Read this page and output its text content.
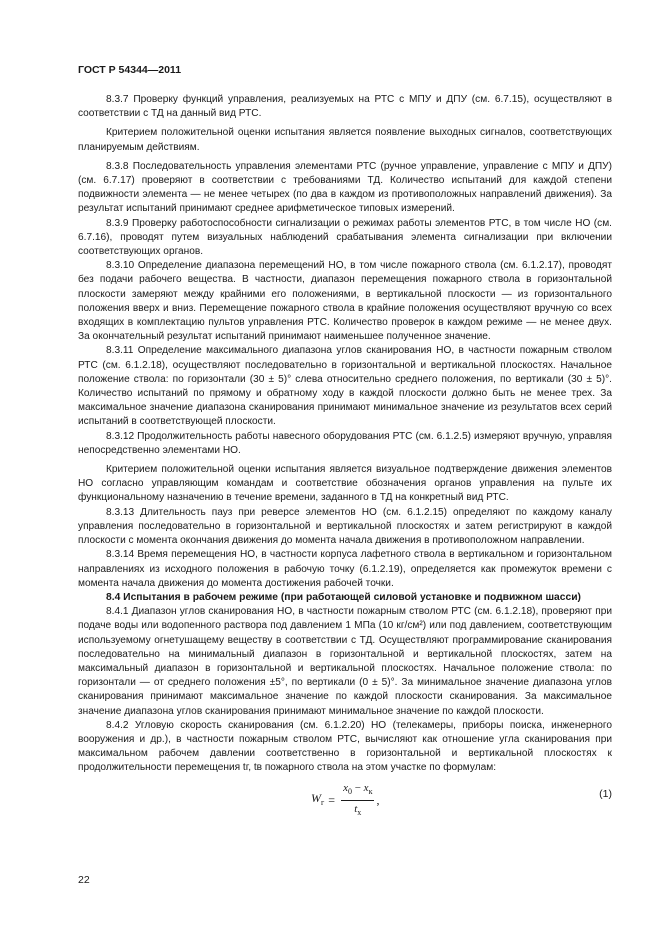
ГОСТ Р 54344—2011

8.3.7 Проверку функций управления, реализуемых на РТС с МПУ и ДПУ (см. 6.7.15), осуществляют в соответствии с ТД на данный вид РТС.

Критерием положительной оценки испытания является появление выходных сигналов, соответствующих планируемым действиям.

8.3.8 Последовательность управления элементами РТС (ручное управление, управление с МПУ и ДПУ) (см. 6.7.17) проверяют в соответствии с требованиями ТД. Количество испытаний для каждой степени подвижности элемента — не менее четырех (по два в каждом из противоположных направлений движения). За результат испытаний принимают среднее арифметическое типовых измерений.

8.3.9 Проверку работоспособности сигнализации о режимах работы элементов РТС, в том числе НО (см. 6.7.16), проводят путем визуальных наблюдений срабатывания элемента сигнализации при включении соответствующих органов.

8.3.10 Определение диапазона перемещений НО, в том числе пожарного ствола (см. 6.1.2.17), проводят без подачи рабочего вещества. В частности, диапазон перемещения пожарного ствола в горизонтальной плоскости замеряют между крайними его положениями, в вертикальной плоскости — из горизонтального положения вверх и вниз. Перемещение пожарного ствола в крайние положения осуществляют вручную со всех входящих в комплектацию пультов управления РТС. Количество проверок в каждом режиме — не менее двух. За окончательный результат испытаний принимают наименьшее полученное значение.

8.3.11 Определение максимального диапазона углов сканирования НО, в частности пожарным стволом РТС (см. 6.1.2.18), осуществляют последовательно в горизонтальной и вертикальной плоскостях. Начальное положение ствола: по горизонтали (30 ± 5)° слева относительно среднего положения, по вертикали (30 ± 5)°. Количество испытаний по прямому и обратному ходу в каждой плоскости должно быть не менее трех. За максимальное значение диапазона сканирования принимают минимальное значение из результатов всех серий испытаний в соответствующей плоскости.

8.3.12 Продолжительность работы навесного оборудования РТС (см. 6.1.2.5) измеряют вручную, управляя непосредственно элементами НО.

Критерием положительной оценки испытания является визуальное подтверждение движения элементов НО согласно управляющим командам и соответствие обозначения органов управления на пульте их функциональному назначению в течение времени, заданного в ТД на конкретный вид РТС.

8.3.13 Длительность пауз при реверсе элементов НО (см. 6.1.2.15) определяют по каждому каналу управления последовательно в горизонтальной и вертикальной плоскостях и затем регистрируют в каждой плоскости с момента окончания движения до момента начала движения в противоположном направлении.

8.3.14 Время перемещения НО, в частности корпуса лафетного ствола в вертикальном и горизонтальном направлениях из исходного положения в рабочую точку (6.1.2.19), определяется как промежуток времени с момента начала движения до момента достижения рабочей точки.

8.4 Испытания в рабочем режиме (при работающей силовой установке и подвижном шасси)

8.4.1 Диапазон углов сканирования НО, в частности пожарным стволом РТС (см. 6.1.2.18), проверяют при подаче воды или водопенного раствора под давлением 1 МПа (10 кг/см²) или под давлением, соответствующим используемому огнетушащему веществу в соответствии с ТД. Осуществляют программирование сканирования последовательно на минимальный диапазон в горизонтальной и вертикальной плоскостях, затем на максимальный диапазон в горизонтальной и вертикальной плоскостях. Начальное положение ствола: по горизонтали — от среднего положения ±5°, по вертикали (0 ± 5)°. За минимальное значение диапазона углов сканирования принимают максимальное значение по каждой плоскости сканирования. За максимальное значение диапазона углов сканирования принимают минимальное значение по каждой плоскости.

8.4.2 Угловую скорость сканирования (см. 6.1.2.20) НО (телекамеры, приборы поиска, инженерного вооружения и др.), в частности пожарным стволом РТС, вычисляют как отношение угла сканирования при максимальном рабочем давлении соответственно в горизонтальной и вертикальной плоскостях к продолжительности перемещения tг, tв пожарного ствола на этом участке по формулам:

$W_г = \frac{x_0 - x_к}{t_x}$ ,	(1)
22
